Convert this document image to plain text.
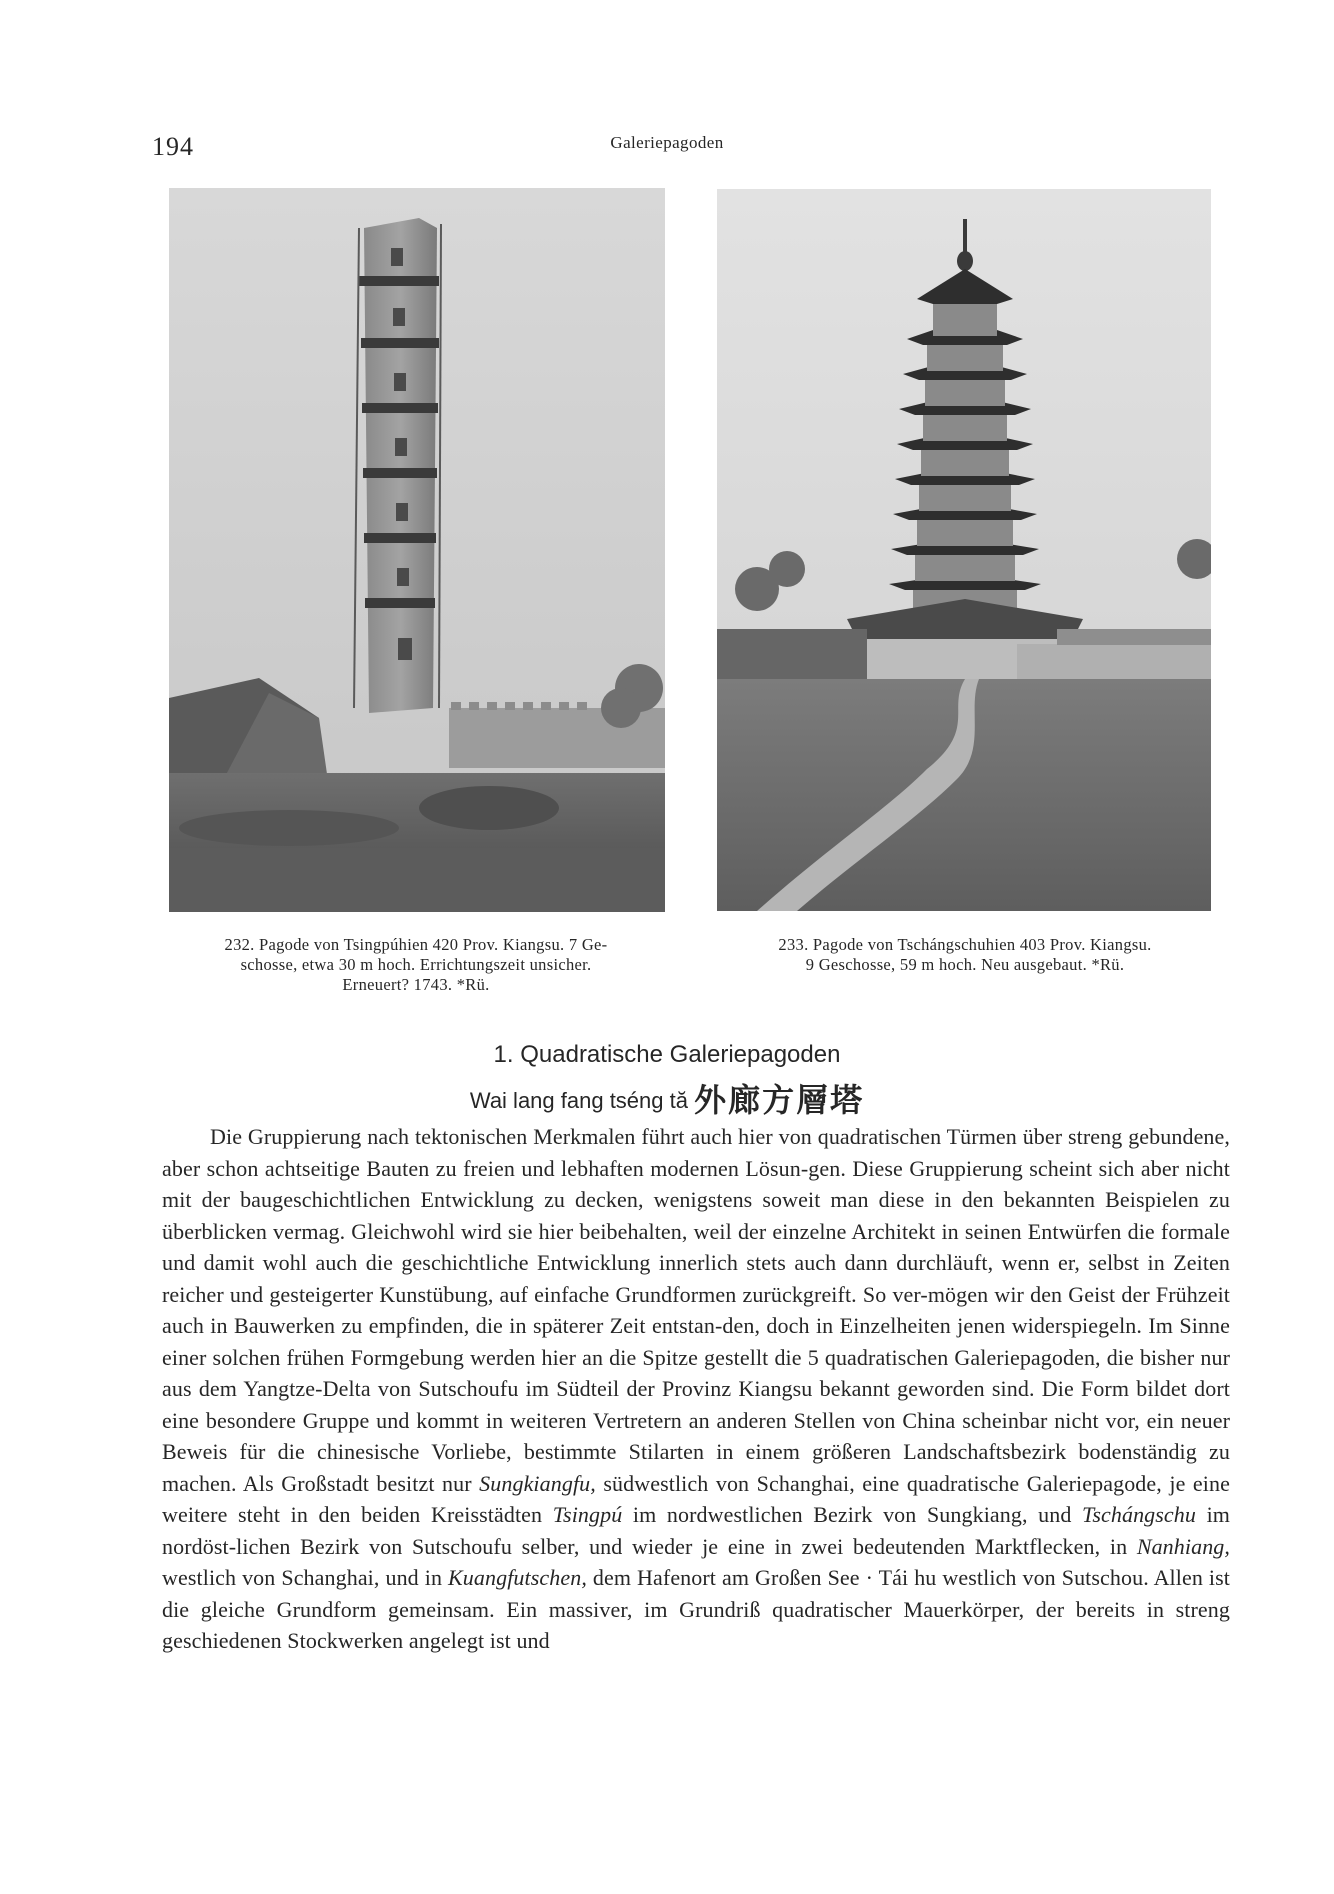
194	Galeriepagoden
232. Pagode von Tsingpúhien 420 Prov. Kiangsu. 7 Ge-
schosse, etwa 30 m hoch. Errichtungszeit unsicher.
Erneuert? 1743. *Rü.
233. Pagode von Tschángschuhien 403 Prov. Kiangsu.
9 Geschosse, 59 m hoch. Neu ausgebaut. *Rü.
1. Quadratische Galeriepagoden
Wai lang fang tséng tă 外廊方層塔

Die Gruppierung nach tektonischen Merkmalen führt auch hier von quadratischen Türmen über streng gebundene, aber schon achtseitige Bauten zu freien und lebhaften modernen Lösun-gen. Diese Gruppierung scheint sich aber nicht mit der baugeschichtlichen Entwicklung zu decken, wenigstens soweit man diese in den bekannten Beispielen zu überblicken vermag. Gleichwohl wird sie hier beibehalten, weil der einzelne Architekt in seinen Entwürfen die formale und damit wohl auch die geschichtliche Entwicklung innerlich stets auch dann durchläuft, wenn er, selbst in Zeiten reicher und gesteigerter Kunstübung, auf einfache Grundformen zurückgreift. So ver-mögen wir den Geist der Frühzeit auch in Bauwerken zu empfinden, die in späterer Zeit entstan-den, doch in Einzelheiten jenen widerspiegeln. Im Sinne einer solchen frühen Formgebung werden hier an die Spitze gestellt die 5 quadratischen Galeriepagoden, die bisher nur aus dem Yangtze-Delta von Sutschoufu im Südteil der Provinz Kiangsu bekannt geworden sind. Die Form bildet dort eine besondere Gruppe und kommt in weiteren Vertretern an anderen Stellen von China scheinbar nicht vor, ein neuer Beweis für die chinesische Vorliebe, bestimmte Stilarten in einem größeren Landschaftsbezirk bodenständig zu machen. Als Großstadt besitzt nur Sungkiangfu, südwestlich von Schanghai, eine quadratische Galeriepagode, je eine weitere steht in den beiden Kreisstädten Tsingpú im nordwestlichen Bezirk von Sungkiang, und Tschángschu im nordöst-lichen Bezirk von Sutschoufu selber, und wieder je eine in zwei bedeutenden Marktflecken, in Nanhiang, westlich von Schanghai, und in Kuangfutschen, dem Hafenort am Großen See · Tái hu westlich von Sutschou. Allen ist die gleiche Grundform gemeinsam. Ein massiver, im Grundriß quadratischer Mauerkörper, der bereits in streng geschiedenen Stockwerken angelegt ist und
